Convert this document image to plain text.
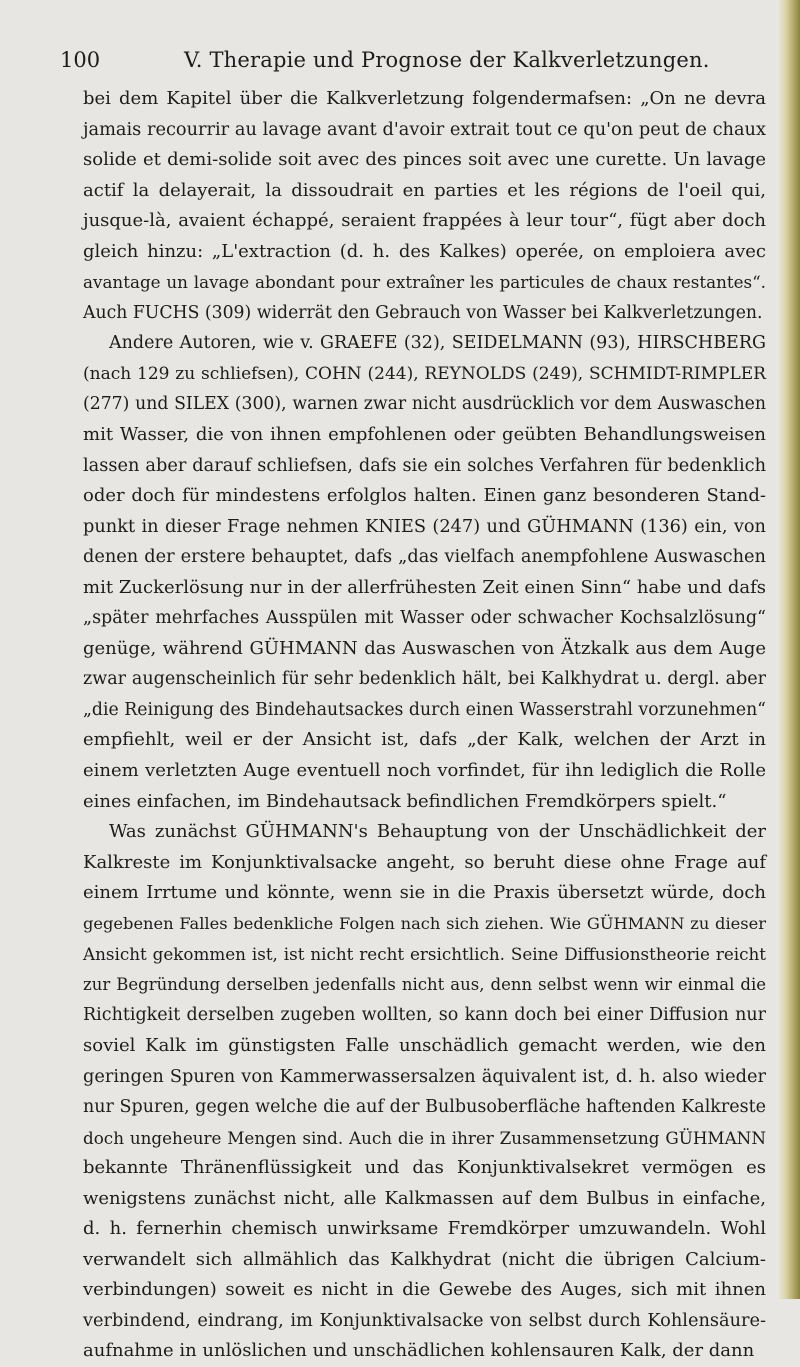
100	V. Therapie und Prognose der Kalkverletzungen.
bei dem Kapitel über die Kalkverletzung folgendermafsen: „On ne devra
jamais recourrir au lavage avant d'avoir extrait tout ce qu'on peut de chaux
solide et demi-solide soit avec des pinces soit avec une curette. Un lavage
actif la delayerait, la dissoudrait en parties et les régions de l'oeil qui,
jusque-là, avaient échappé, seraient frappées à leur tour“, fügt aber doch
gleich hinzu: „L'extraction (d. h. des Kalkes) operée, on emploiera avec
avantage un lavage abondant pour extraîner les particules de chaux restantes“.
Auch FUCHS (309) widerrät den Gebrauch von Wasser bei Kalkverletzungen.
Andere Autoren, wie v. GRAEFE (32), SEIDELMANN (93), HIRSCHBERG
(nach 129 zu schliefsen), COHN (244), REYNOLDS (249), SCHMIDT-RIMPLER
(277) und SILEX (300), warnen zwar nicht ausdrücklich vor dem Auswaschen
mit Wasser, die von ihnen empfohlenen oder geübten Behandlungsweisen
lassen aber darauf schliefsen, dafs sie ein solches Verfahren für bedenklich
oder doch für mindestens erfolglos halten. Einen ganz besonderen Stand-
punkt in dieser Frage nehmen KNIES (247) und GÜHMANN (136) ein, von
denen der erstere behauptet, dafs „das vielfach anempfohlene Auswaschen
mit Zuckerlösung nur in der allerfrühesten Zeit einen Sinn“ habe und dafs
„später mehrfaches Ausspülen mit Wasser oder schwacher Kochsalzlösung“
genüge, während GÜHMANN das Auswaschen von Ätzkalk aus dem Auge
zwar augenscheinlich für sehr bedenklich hält, bei Kalkhydrat u. dergl. aber
„die Reinigung des Bindehautsackes durch einen Wasserstrahl vorzunehmen“
empfiehlt, weil er der Ansicht ist, dafs „der Kalk, welchen der Arzt in
einem verletzten Auge eventuell noch vorfindet, für ihn lediglich die Rolle
eines einfachen, im Bindehautsack befindlichen Fremdkörpers spielt.“
Was zunächst GÜHMANN's Behauptung von der Unschädlichkeit der
Kalkreste im Konjunktivalsacke angeht, so beruht diese ohne Frage auf
einem Irrtume und könnte, wenn sie in die Praxis übersetzt würde, doch
gegebenen Falles bedenkliche Folgen nach sich ziehen. Wie GÜHMANN zu dieser
Ansicht gekommen ist, ist nicht recht ersichtlich. Seine Diffusionstheorie reicht
zur Begründung derselben jedenfalls nicht aus, denn selbst wenn wir einmal die
Richtigkeit derselben zugeben wollten, so kann doch bei einer Diffusion nur
soviel Kalk im günstigsten Falle unschädlich gemacht werden, wie den
geringen Spuren von Kammerwassersalzen äquivalent ist, d. h. also wieder
nur Spuren, gegen welche die auf der Bulbusoberfläche haftenden Kalkreste
doch ungeheure Mengen sind. Auch die in ihrer Zusammensetzung GÜHMANN
bekannte Thränenflüssigkeit und das Konjunktivalsekret vermögen es
wenigstens zunächst nicht, alle Kalkmassen auf dem Bulbus in einfache,
d. h. fernerhin chemisch unwirksame Fremdkörper umzuwandeln. Wohl
verwandelt sich allmählich das Kalkhydrat (nicht die übrigen Calcium-
verbindungen) soweit es nicht in die Gewebe des Auges, sich mit ihnen
verbindend, eindrang, im Konjunktivalsacke von selbst durch Kohlensäure-
aufnahme in unlöslichen und unschädlichen kohlensauren Kalk, der dann
